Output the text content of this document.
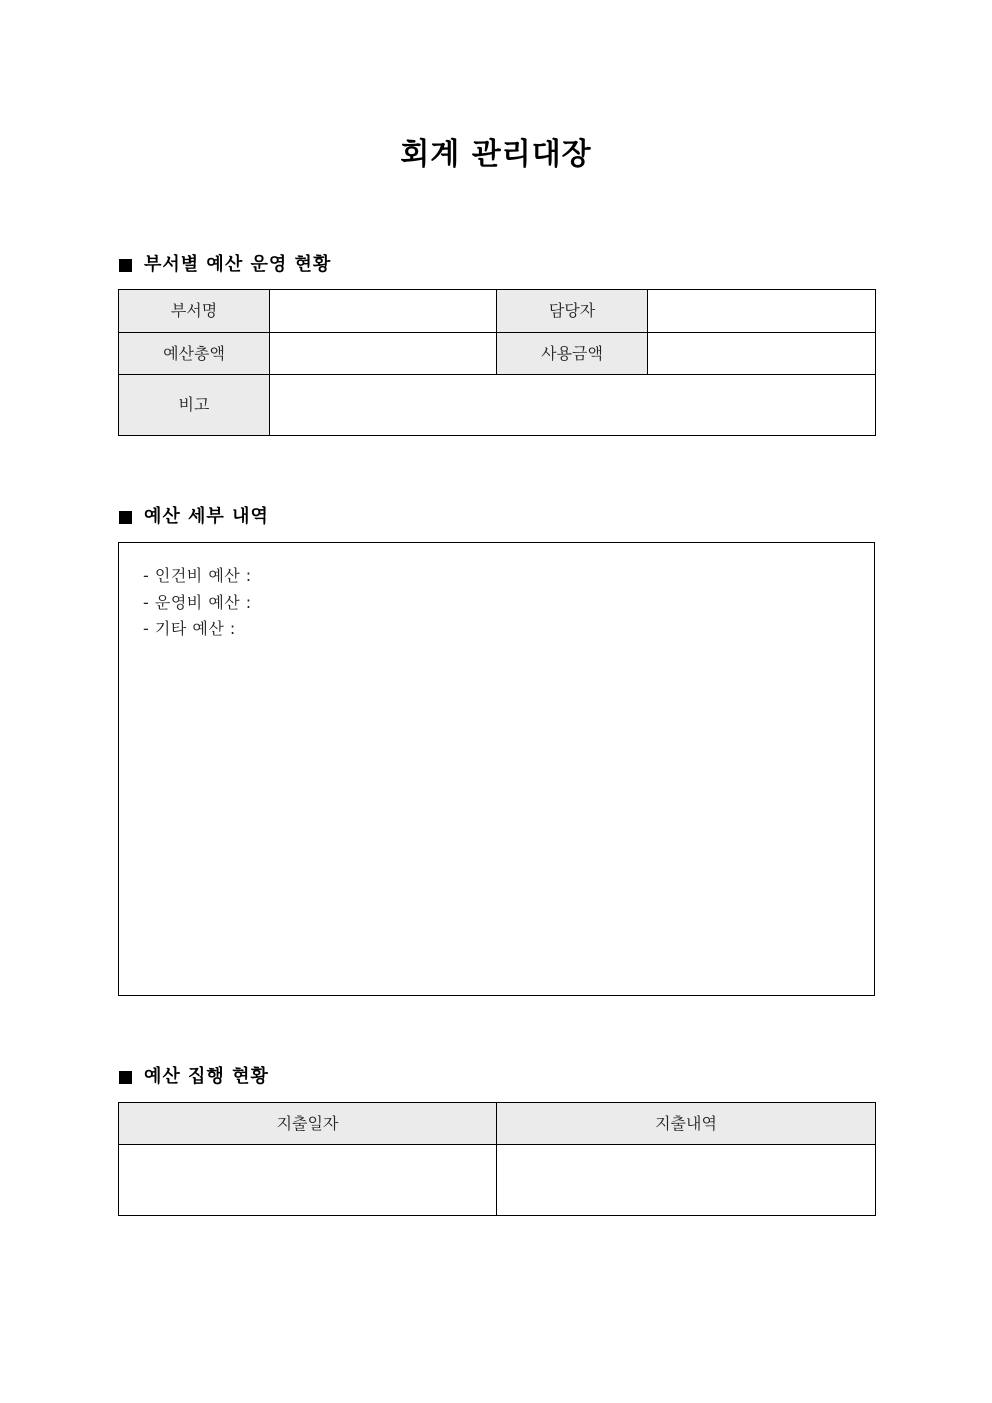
회계 관리대장
부서별 예산 운영 현황
부서명		담당자	
예산총액		사용금액	
비고			
예산 세부 내역
- 인건비 예산 :
- 운영비 예산 :
- 기타 예산 :
예산 집행 현황
지출일자	지출내역
